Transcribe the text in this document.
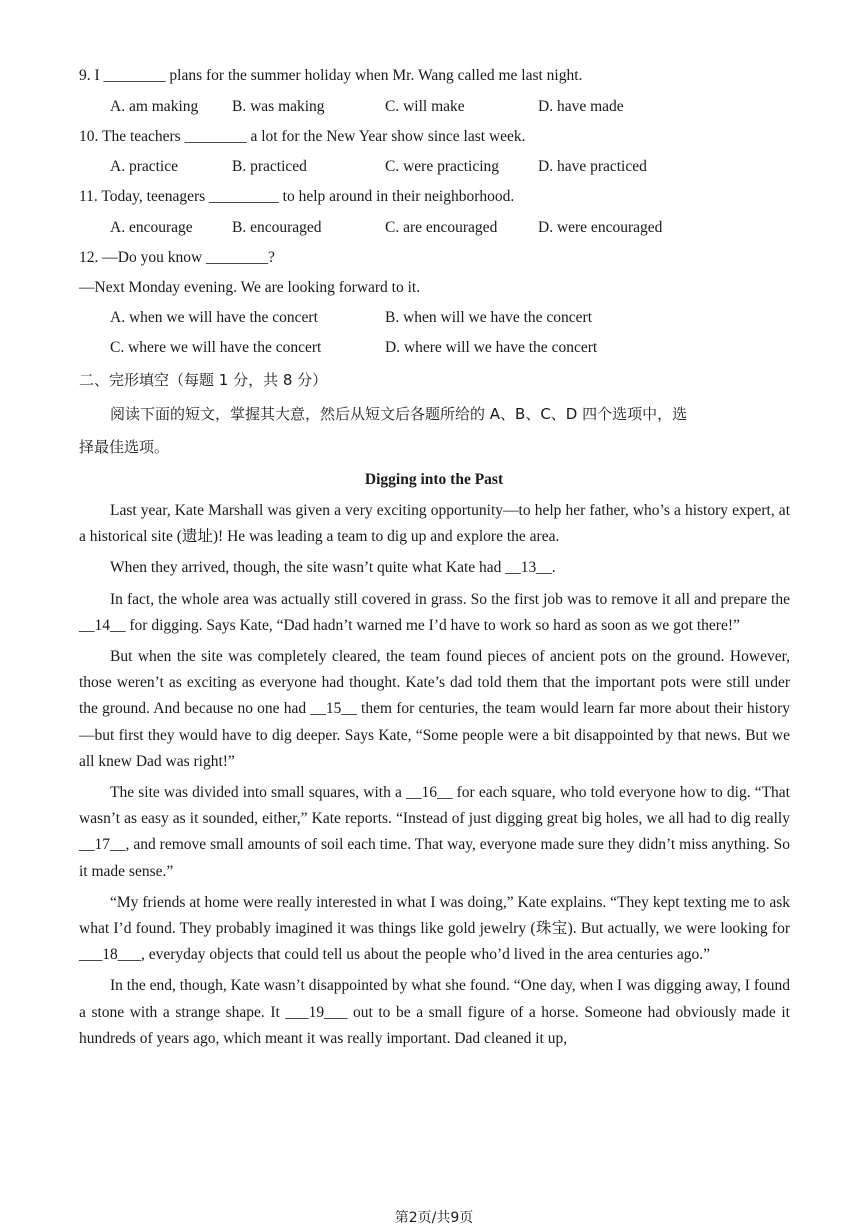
9. I ________ plans for the summer holiday when Mr. Wang called me last night.
A. am making B. was making	C. will make	D. have made
10. The teachers ________ a lot for the New Year show since last week.
A. practice	B. practiced	C. were practicing	D. have practiced
11. Today, teenagers _________ to help around in their neighborhood.
A. encourage	B. encouraged	C. are encouraged	D. were encouraged
12. —Do you know ________?
—Next Monday evening. We are looking forward to it.
A. when we will have the concert	B. when will we have the concert
C. where we will have the concert	D. where will we have the concert
二、完形填空（每题 1 分，共 8 分）
阅读下面的短文，掌握其大意，然后从短文后各题所给的 A、B、C、D 四个选项中，选
择最佳选项。
Digging into the Past

Last year, Kate Marshall was given a very exciting opportunity—to help her father, who’s a history expert, at a historical site (遗址)! He was leading a team to dig up and explore the area.

When they arrived, though, the site wasn’t quite what Kate had __13__.

In fact, the whole area was actually still covered in grass. So the first job was to remove it all and prepare the __14__ for digging. Says Kate, “Dad hadn’t warned me I’d have to work so hard as soon as we got there!”

But when the site was completely cleared, the team found pieces of ancient pots on the ground. However, those weren’t as exciting as everyone had thought. Kate’s dad told them that the important pots were still under the ground. And because no one had __15__ them for centuries, the team would learn far more about their history—but first they would have to dig deeper. Says Kate, “Some people were a bit disappointed by that news. But we all knew Dad was right!”

The site was divided into small squares, with a __16__ for each square, who told everyone how to dig. “That wasn’t as easy as it sounded, either,” Kate reports. “Instead of just digging great big holes, we all had to dig really __17__, and remove small amounts of soil each time. That way, everyone made sure they didn’t miss anything. So it made sense.”

“My friends at home were really interested in what I was doing,” Kate explains. “They kept texting me to ask what I’d found. They probably imagined it was things like gold jewelry (珠宝). But actually, we were looking for ___18___, everyday objects that could tell us about the people who’d lived in the area centuries ago.”

In the end, though, Kate wasn’t disappointed by what she found. “One day, when I was digging away, I found a stone with a strange shape. It ___19___ out to be a small figure of a horse. Someone had obviously made it hundreds of years ago, which meant it was really important. Dad cleaned it up,

第2页/共9页
